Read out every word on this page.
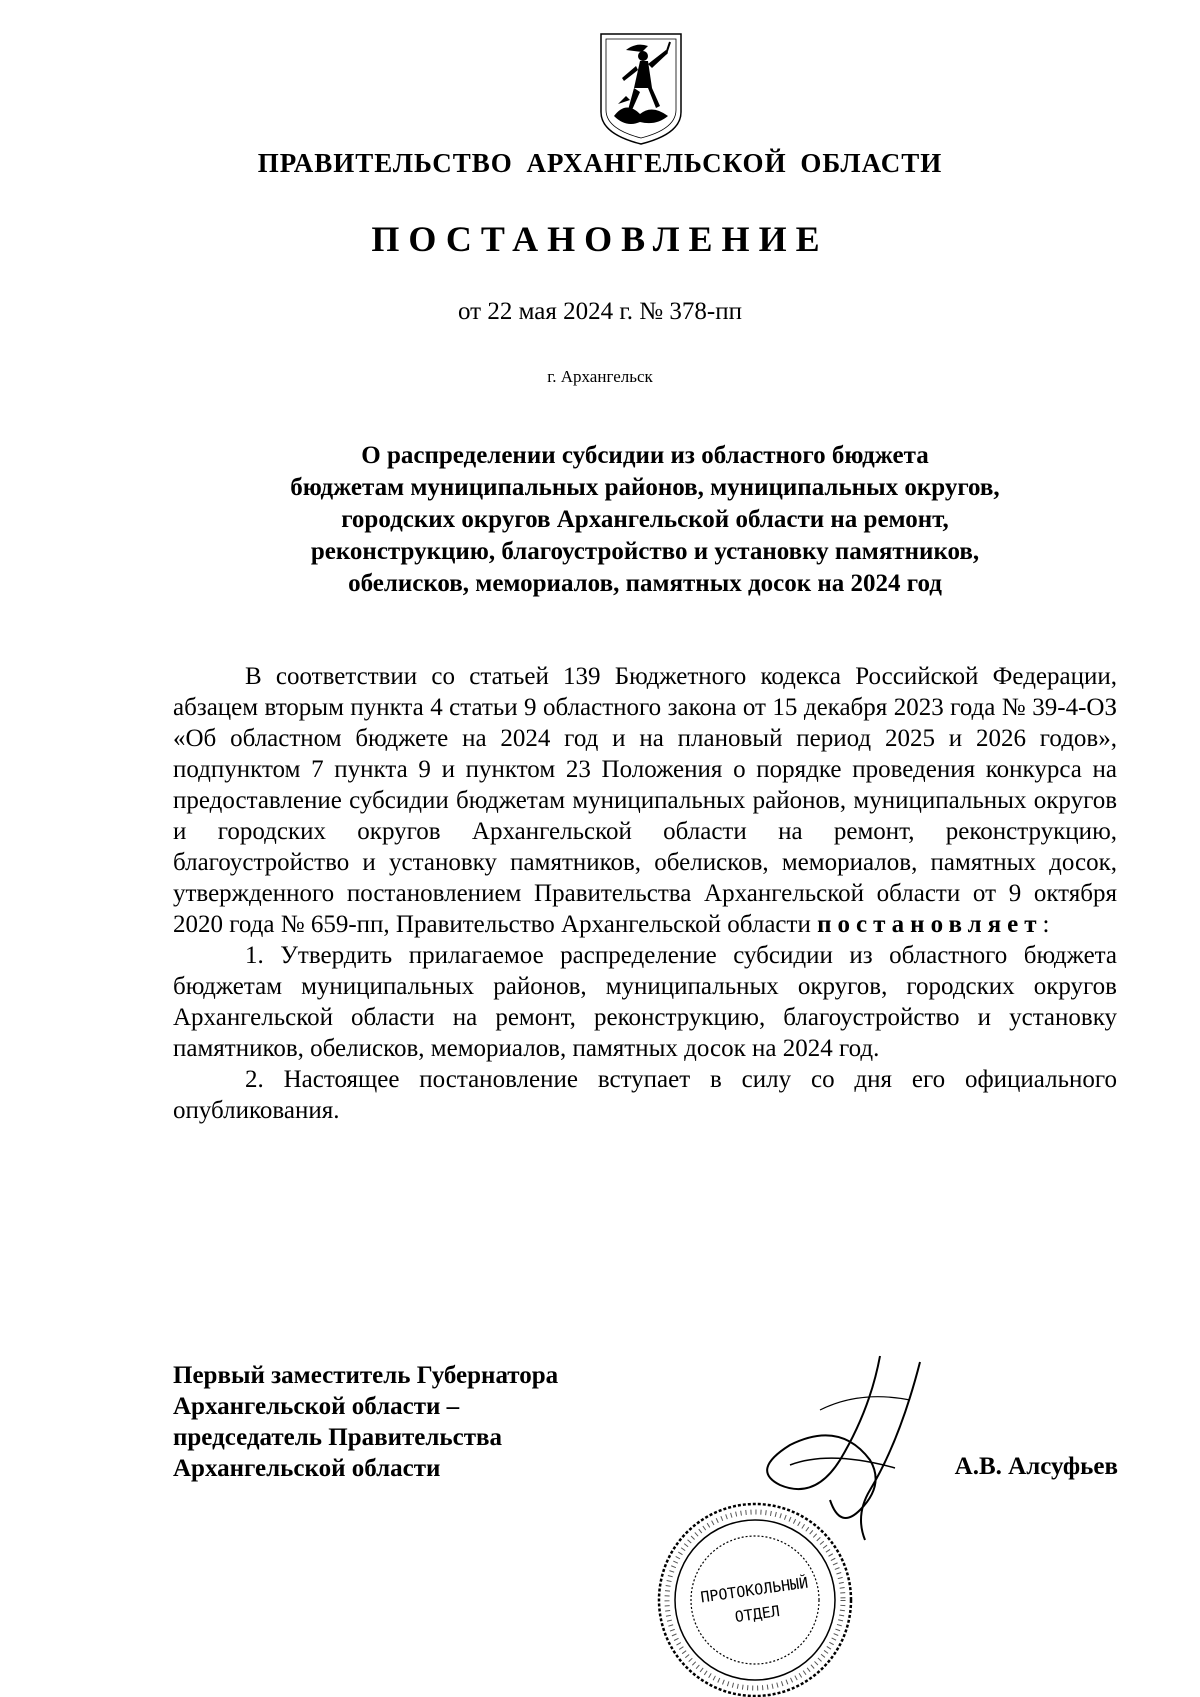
ПРАВИТЕЛЬСТВО АРХАНГЕЛЬСКОЙ ОБЛАСТИ
ПОСТАНОВЛЕНИЕ
от 22 мая 2024 г. № 378-пп
г. Архангельск
О распределении субсидии из областного бюджета
бюджетам муниципальных районов, муниципальных округов,
городских округов Архангельской области на ремонт,
реконструкцию, благоустройство и установку памятников,
обелисков, мемориалов, памятных досок на 2024 год

В соответствии со статьей 139 Бюджетного кодекса Российской Федерации, абзацем вторым пункта 4 статьи 9 областного закона от 15 декабря 2023 года № 39-4-ОЗ «Об областном бюджете на 2024 год и на плановый период 2025 и 2026 годов», подпунктом 7 пункта 9 и пунктом 23 Положения о порядке проведения конкурса на предоставление субсидии бюджетам муниципальных районов, муниципальных округов и городских округов Архангельской области на ремонт, реконструкцию, благоустройство и установку памятников, обелисков, мемориалов, памятных досок, утвержденного постановлением Правительства Архангельской области от 9 октября 2020 года № 659-пп, Правительство Архангельской области постановляет:

1. Утвердить прилагаемое распределение субсидии из областного бюджета бюджетам муниципальных районов, муниципальных округов, городских округов Архангельской области на ремонт, реконструкцию, благоустройство и установку памятников, обелисков, мемориалов, памятных досок на 2024 год.

2. Настоящее постановление вступает в силу со дня его официального опубликования.

Первый заместитель Губернатора
Архангельской области –
председатель Правительства
Архангельской области	А.В. Алсуфьев
ПРОТОКОЛЬНЫЙ
ОТДЕЛ
